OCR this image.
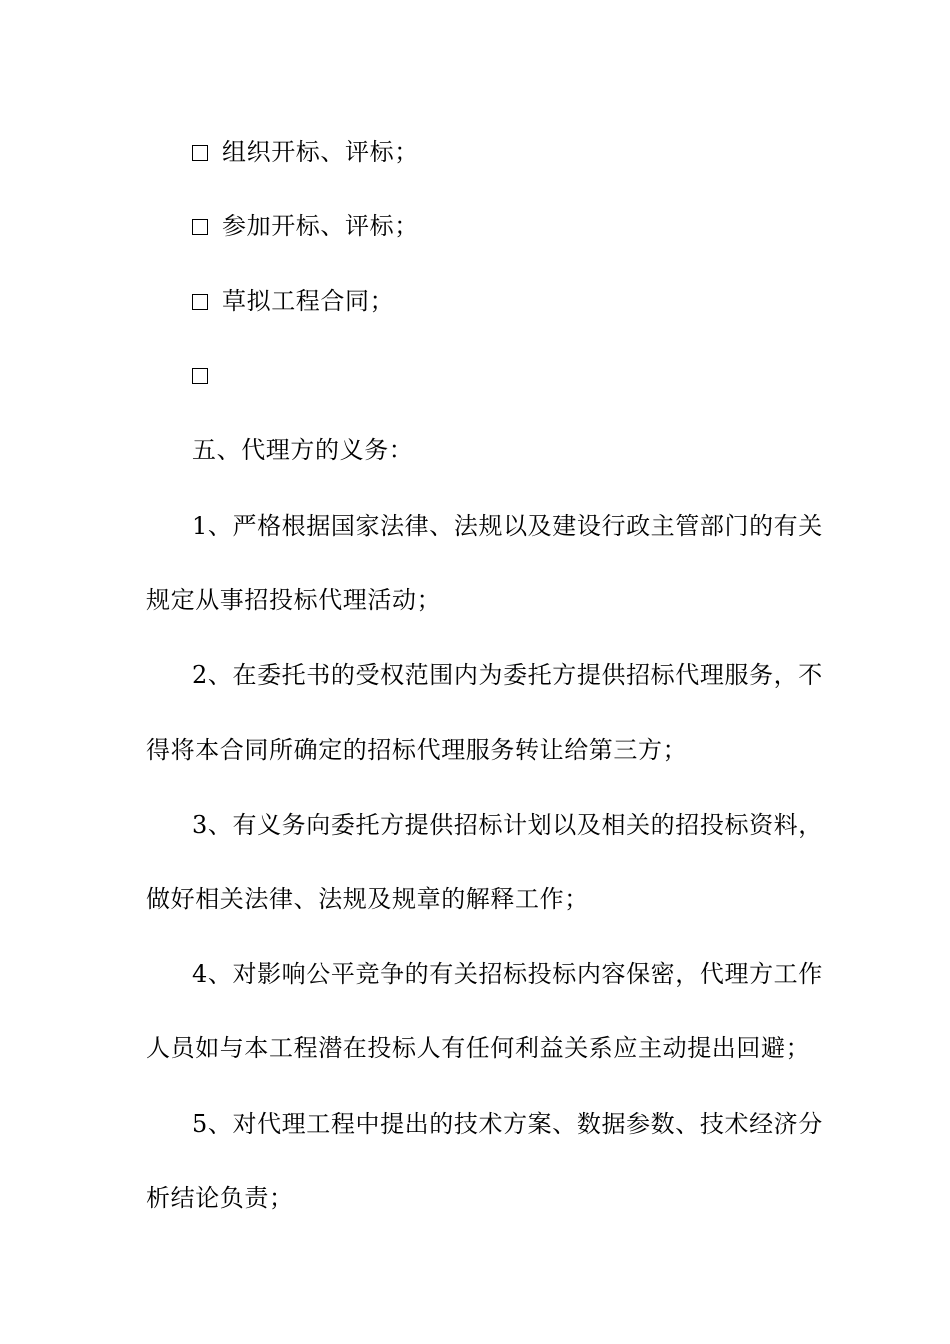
组织开标、评标；
参加开标、评标；
草拟工程合同；
五、代理方的义务：
1、严格根据国家法律、法规以及建设行政主管部门的有关
规定从事招投标代理活动；
2、在委托书的受权范围内为委托方提供招标代理服务，不
得将本合同所确定的招标代理服务转让给第三方；
3、有义务向委托方提供招标计划以及相关的招投标资料，
做好相关法律、法规及规章的解释工作；
4、对影响公平竞争的有关招标投标内容保密，代理方工作
人员如与本工程潜在投标人有任何利益关系应主动提出回避；
5、对代理工程中提出的技术方案、数据参数、技术经济分
析结论负责；
